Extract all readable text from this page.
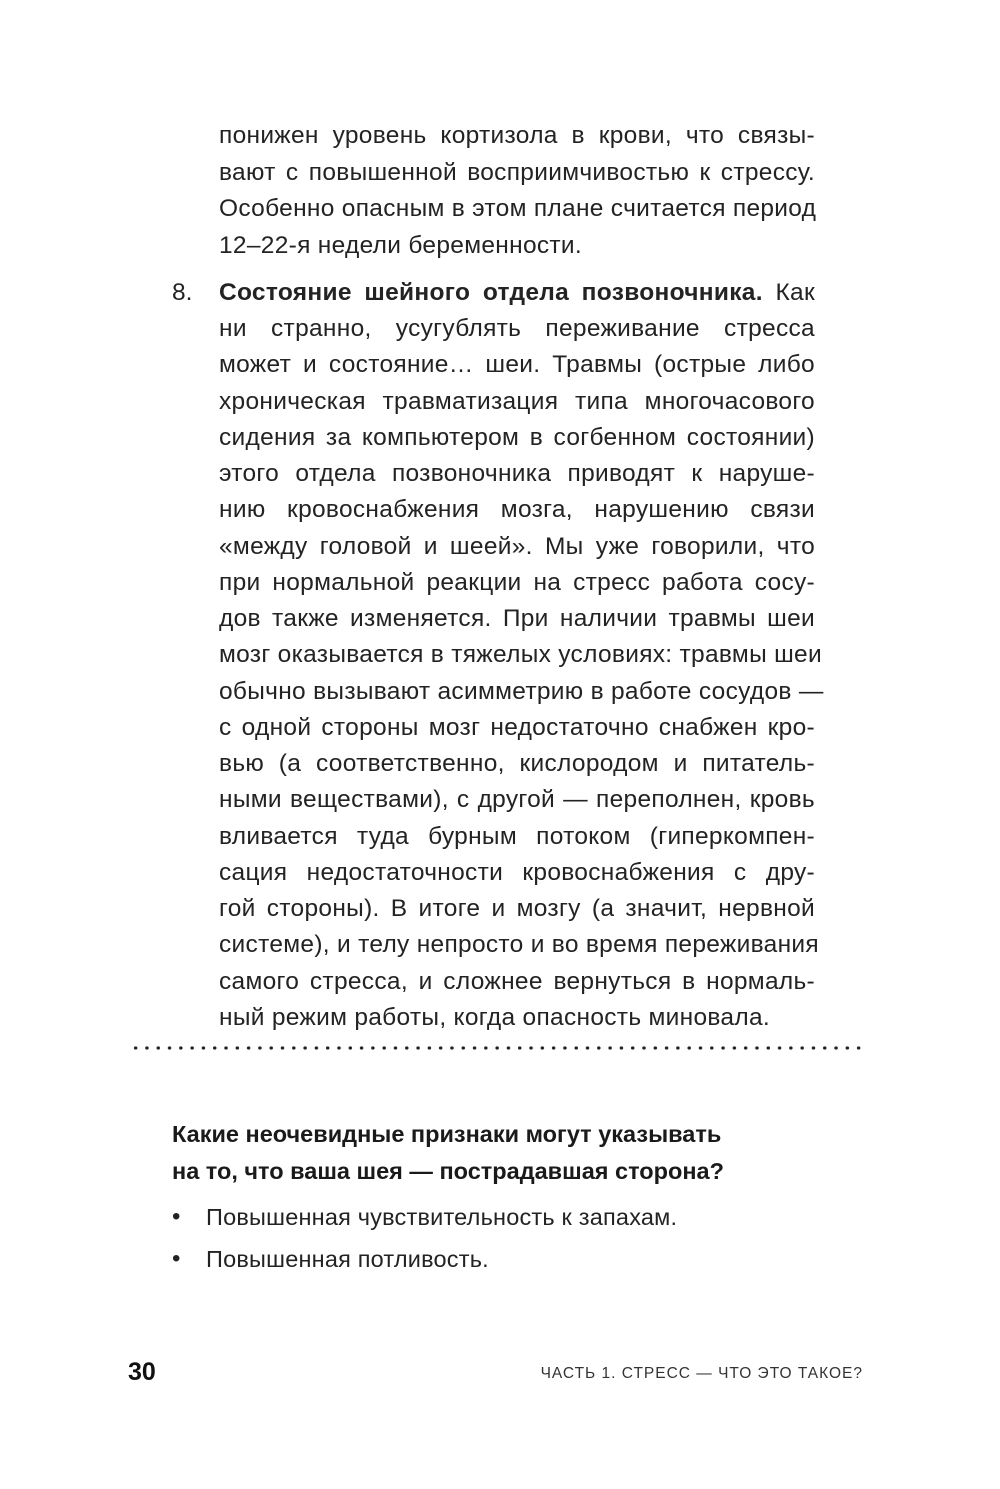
понижен уровень кортизола в крови, что связы-
вают с повышенной восприимчивостью к стрессу.
Особенно опасным в этом плане считается период
12–22-я недели беременности.
8. Состояние шейного отдела позвоночника. Как
ни странно, усугублять переживание стресса
может и состояние… шеи. Травмы (острые либо
хроническая травматизация типа многочасового
сидения за компьютером в согбенном состоянии)
этого отдела позвоночника приводят к наруше-
нию кровоснабжения мозга, нарушению связи
«между головой и шеей». Мы уже говорили, что
при нормальной реакции на стресс работа сосу-
дов также изменяется. При наличии травмы шеи
мозг оказывается в тяжелых условиях: травмы шеи
обычно вызывают асимметрию в работе сосудов —
с одной стороны мозг недостаточно снабжен кро-
вью (а соответственно, кислородом и питатель-
ными веществами), с другой — переполнен, кровь
вливается туда бурным потоком (гиперкомпен-
сация недостаточности кровоснабжения с дру-
гой стороны). В итоге и мозгу (а значит, нервной
системе), и телу непросто и во время переживания
самого стресса, и сложнее вернуться в нормаль-
ный режим работы, когда опасность миновала.
Какие неочевидные признаки могут указывать
на то, что ваша шея — пострадавшая сторона?
• Повышенная чувствительность к запахам.
• Повышенная потливость.
30	ЧАСТЬ 1. СТРЕСС — ЧТО ЭТО ТАКОЕ?
